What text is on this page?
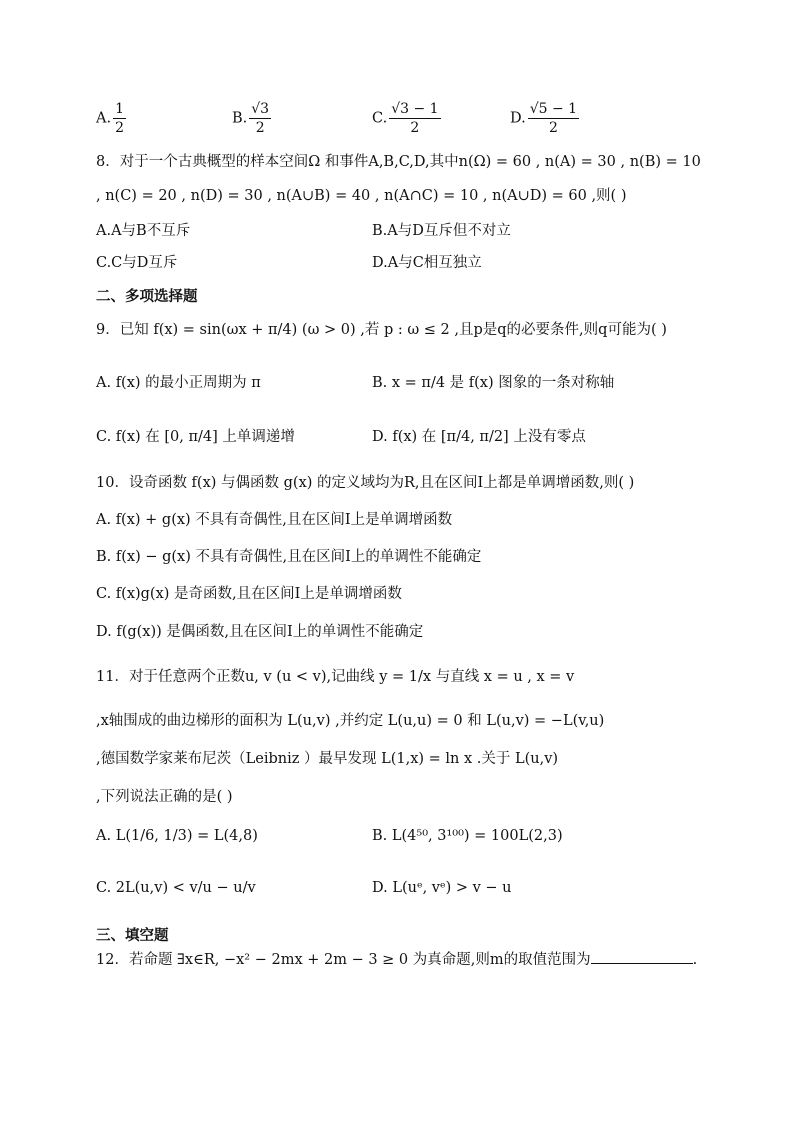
A. $\frac{1}{2}$	B. $\frac{√3}{2}$	C. $\frac{√3 - 1}{2}$	D. $\frac{√5 - 1}{2}$
8．对于一个古典概型的样本空间Ω 和事件A,B,C,D,其中n(Ω) = 60 , n(A) = 30 , n(B) = 10
, n(C) = 20 , n(D) = 30 , n(A∪B) = 40 , n(A∩C) = 10 , n(A∪D) = 60 ,则( )
A.A与B不互斥	B.A与D互斥但不对立
C.C与D互斥	D.A与C相互独立
二、多项选择题
9．已知 f(x) = sin(ωx + π/4) (ω > 0) ,若 p : ω ≤ 2 ,且p是q的必要条件,则q可能为( )
A. f(x) 的最小正周期为 π	B. x = π/4 是 f(x) 图象的一条对称轴
C. f(x) 在 [0, π/4] 上单调递增	D. f(x) 在 [π/4, π/2] 上没有零点
10．设奇函数 f(x) 与偶函数 g(x) 的定义域均为R,且在区间I上都是单调增函数,则( )
A. f(x) + g(x) 不具有奇偶性,且在区间I上是单调增函数
B. f(x) − g(x) 不具有奇偶性,且在区间I上的单调性不能确定
C. f(x)g(x) 是奇函数,且在区间I上是单调增函数
D. f(g(x)) 是偶函数,且在区间I上的单调性不能确定
11．对于任意两个正数u, v (u < v),记曲线 y = 1/x 与直线 x = u , x = v
,x轴围成的曲边梯形的面积为 L(u,v) ,并约定 L(u,u) = 0 和 L(u,v) = −L(v,u)
,德国数学家莱布尼茨（Leibniz ）最早发现 L(1,x) = ln x .关于 L(u,v)
,下列说法正确的是( )
A. L(1/6, 1/3) = L(4,8)	B. L(4⁵⁰, 3¹⁰⁰) = 100L(2,3)
C. 2L(u,v) < v/u − u/v	D. L(uᵉ, vᵉ) > v − u
三、填空题
12．若命题 ∃x∈R, −x² − 2mx + 2m − 3 ≥ 0 为真命题,则m的取值范围为	.
